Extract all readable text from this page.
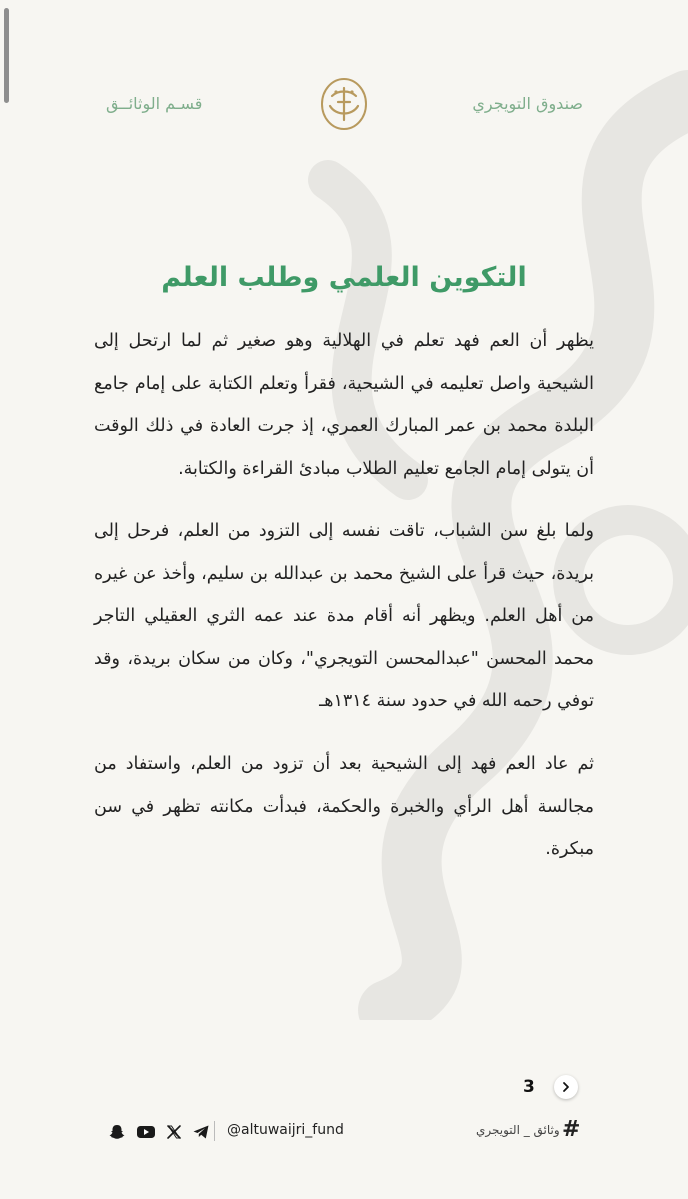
قسـم الوثائــق	صندوق التويجري
التكوين العلمي وطلب العلم
يظهر أن العم فهد تعلم في الهلالية وهو صغير ثم لما ارتحل إلى الشيحية واصل تعليمه في الشيحية، فقرأ وتعلم الكتابة على إمام جامع البلدة محمد بن عمر المبارك العمري، إذ جرت العادة في ذلك الوقت أن يتولى إمام الجامع تعليم الطلاب مبادئ القراءة والكتابة.
ولما بلغ سن الشباب، تاقت نفسه إلى التزود من العلم، فرحل إلى بريدة، حيث قرأ على الشيخ محمد بن عبدالله بن سليم، وأخذ عن غيره من أهل العلم. ويظهر أنه أقام مدة عند عمه الثري العقيلي التاجر محمد المحسن "عبدالمحسن التويجري"، وكان من سكان بريدة، وقد توفي رحمه الله في حدود سنة ١٣١٤هـ
ثم عاد العم فهد إلى الشيحية بعد أن تزود من العلم، واستفاد من مجالسة أهل الرأي والخبرة والحكمة، فبدأت مكانته تظهر في سن مبكرة.
3
@altuwaijri_fund	وثائق _ التويجري #
